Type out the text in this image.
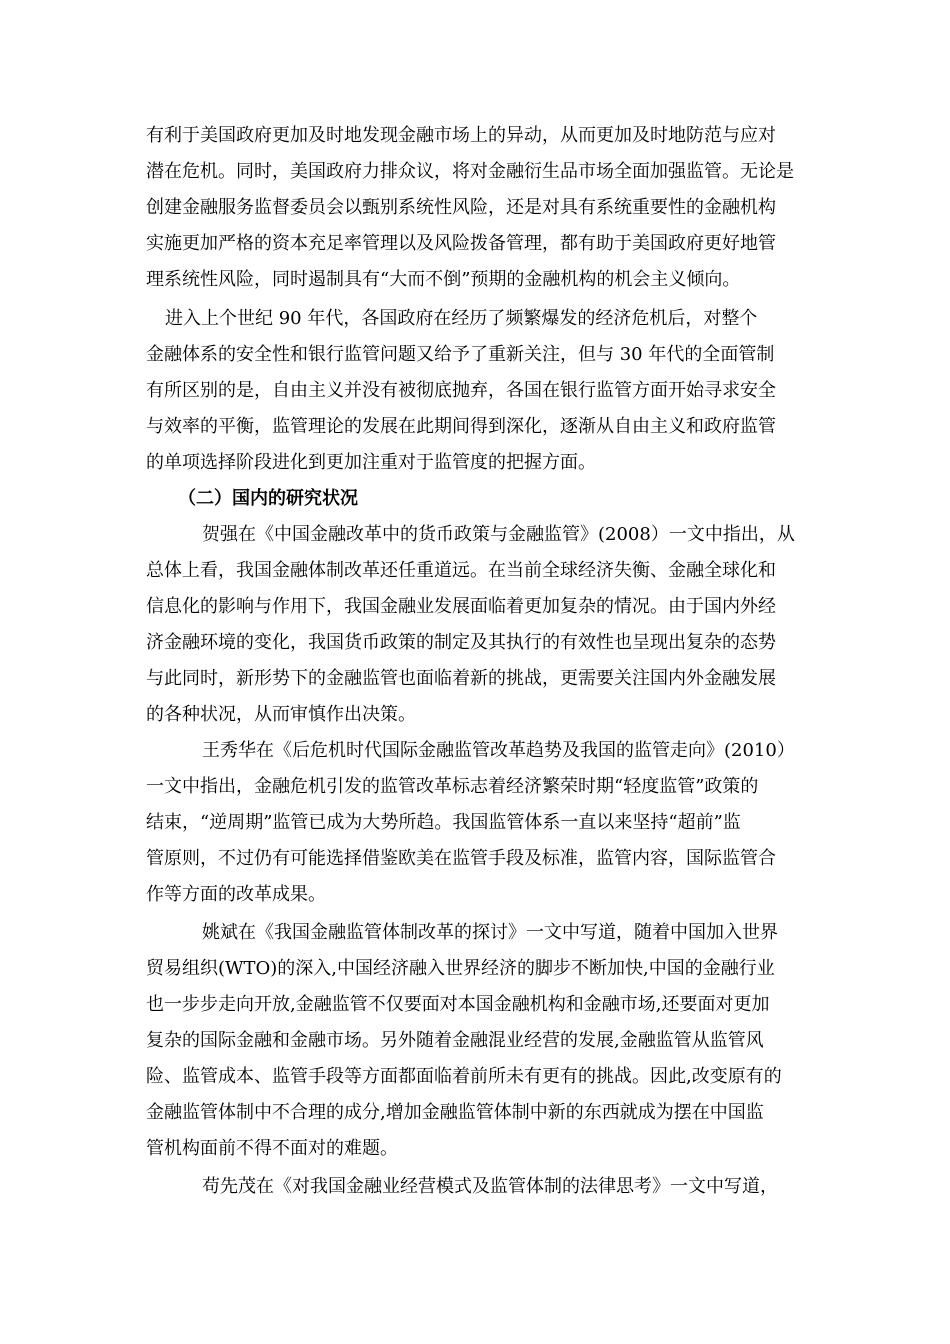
有利于美国政府更加及时地发现金融市场上的异动，从而更加及时地防范与应对
潜在危机。同时，美国政府力排众议，将对金融衍生品市场全面加强监管。无论是
创建金融服务监督委员会以甄别系统性风险，还是对具有系统重要性的金融机构
实施更加严格的资本充足率管理以及风险拨备管理，都有助于美国政府更好地管
理系统性风险，同时遏制具有“大而不倒”预期的金融机构的机会主义倾向。
进入上个世纪 90 年代，各国政府在经历了频繁爆发的经济危机后，对整个
金融体系的安全性和银行监管问题又给予了重新关注，但与 30 年代的全面管制
有所区别的是，自由主义并没有被彻底抛弃，各国在银行监管方面开始寻求安全
与效率的平衡，监管理论的发展在此期间得到深化，逐渐从自由主义和政府监管
的单项选择阶段进化到更加注重对于监管度的把握方面。
（二）国内的研究状况
贺强在《中国金融改革中的货币政策与金融监管》(2008）一文中指出，从
总体上看，我国金融体制改革还任重道远。在当前全球经济失衡、金融全球化和
信息化的影响与作用下，我国金融业发展面临着更加复杂的情况。由于国内外经
济金融环境的变化，我国货币政策的制定及其执行的有效性也呈现出复杂的态势
与此同时，新形势下的金融监管也面临着新的挑战，更需要关注国内外金融发展
的各种状况，从而审慎作出决策。
王秀华在《后危机时代国际金融监管改革趋势及我国的监管走向》(2010）
一文中指出，金融危机引发的监管改革标志着经济繁荣时期“轻度监管”政策的
结束，“逆周期”监管已成为大势所趋。我国监管体系一直以来坚持“超前”监
管原则，不过仍有可能选择借鉴欧美在监管手段及标准，监管内容，国际监管合
作等方面的改革成果。
姚斌在《我国金融监管体制改革的探讨》一文中写道，随着中国加入世界
贸易组织(WTO)的深入,中国经济融入世界经济的脚步不断加快,中国的金融行业
也一步步走向开放,金融监管不仅要面对本国金融机构和金融市场,还要面对更加
复杂的国际金融和金融市场。另外随着金融混业经营的发展,金融监管从监管风
险、监管成本、监管手段等方面都面临着前所未有更有的挑战。因此,改变原有的
金融监管体制中不合理的成分,增加金融监管体制中新的东西就成为摆在中国监
管机构面前不得不面对的难题。
苟先茂在《对我国金融业经营模式及监管体制的法律思考》一文中写道，
